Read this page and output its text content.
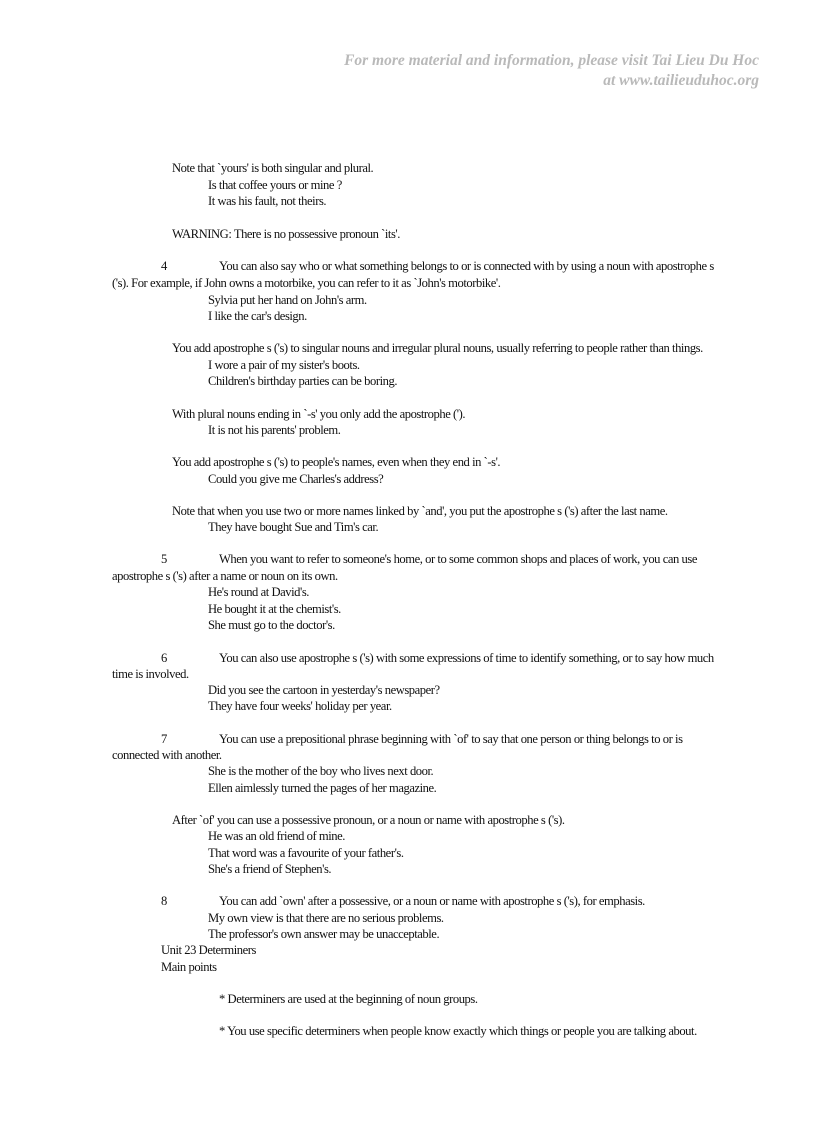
For more material and information, please visit Tai Lieu Du Hoc
at www.tailieuduhoc.org
Note that `yours' is both singular and plural.
Is that coffee yours or mine ?
It was his fault, not theirs.
WARNING: There is no possessive pronoun `its'.
4	You can also say who or what something belongs to or is connected with by using a noun with apostrophe s
('s). For example, if John owns a motorbike, you can refer to it as `John's motorbike'.
Sylvia put her hand on John's arm.
I like the car's design.
You add apostrophe s ('s) to singular nouns and irregular plural nouns, usually referring to people rather than things.
I wore a pair of my sister's boots.
Children's birthday parties can be boring.
With plural nouns ending in `-s' you only add the apostrophe (').
It is not his parents' problem.
You add apostrophe s ('s) to people's names, even when they end in `-s'.
Could you give me Charles's address?
Note that when you use two or more names linked by `and', you put the apostrophe s ('s) after the last name.
They have bought Sue and Tim's car.
5	When you want to refer to someone's home, or to some common shops and places of work, you can use
apostrophe s ('s) after a name or noun on its own.
He's round at David's.
He bought it at the chemist's.
She must go to the doctor's.
6	You can also use apostrophe s ('s) with some expressions of time to identify something, or to say how much
time is involved.
Did you see the cartoon in yesterday's newspaper?
They have four weeks' holiday per year.
7	You can use a prepositional phrase beginning with `of' to say that one person or thing belongs to or is
connected with another.
She is the mother of the boy who lives next door.
Ellen aimlessly turned the pages of her magazine.
After `of' you can use a possessive pronoun, or a noun or name with apostrophe s ('s).
He was an old friend of mine.
That word was a favourite of your father's.
She's a friend of Stephen's.
8	You can add `own' after a possessive, or a noun or name with apostrophe s ('s), for emphasis.
My own view is that there are no serious problems.
The professor's own answer may be unacceptable.
Unit 23 Determiners
Main points
* Determiners are used at the beginning of noun groups.
* You use specific determiners when people know exactly which things or people you are talking about.
